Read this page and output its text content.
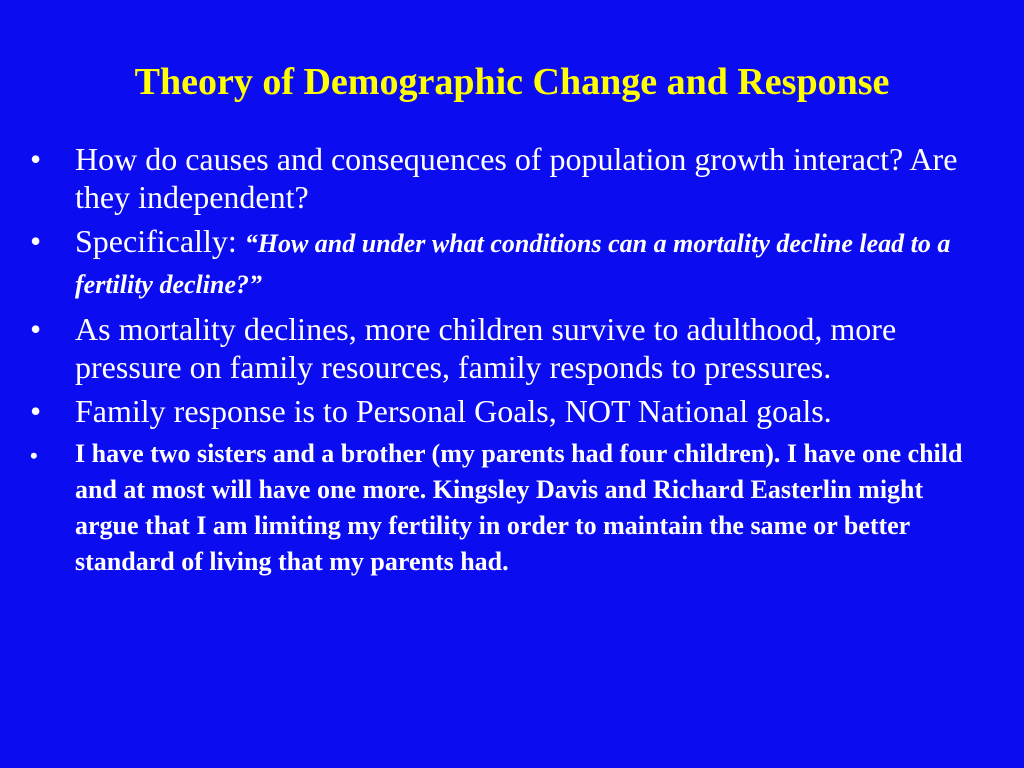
Theory of Demographic Change and Response
• How do causes and consequences of population growth interact? Are they independent?
• Specifically: “How and under what conditions can a mortality decline lead to a fertility decline?”
• As mortality declines, more children survive to adulthood, more pressure on family resources, family responds to pressures.
• Family response is to Personal Goals, NOT National goals.
• I have two sisters and a brother (my parents had four children). I have one child and at most will have one more. Kingsley Davis and Richard Easterlin might argue that I am limiting my fertility in order to maintain the same or better standard of living that my parents had.
